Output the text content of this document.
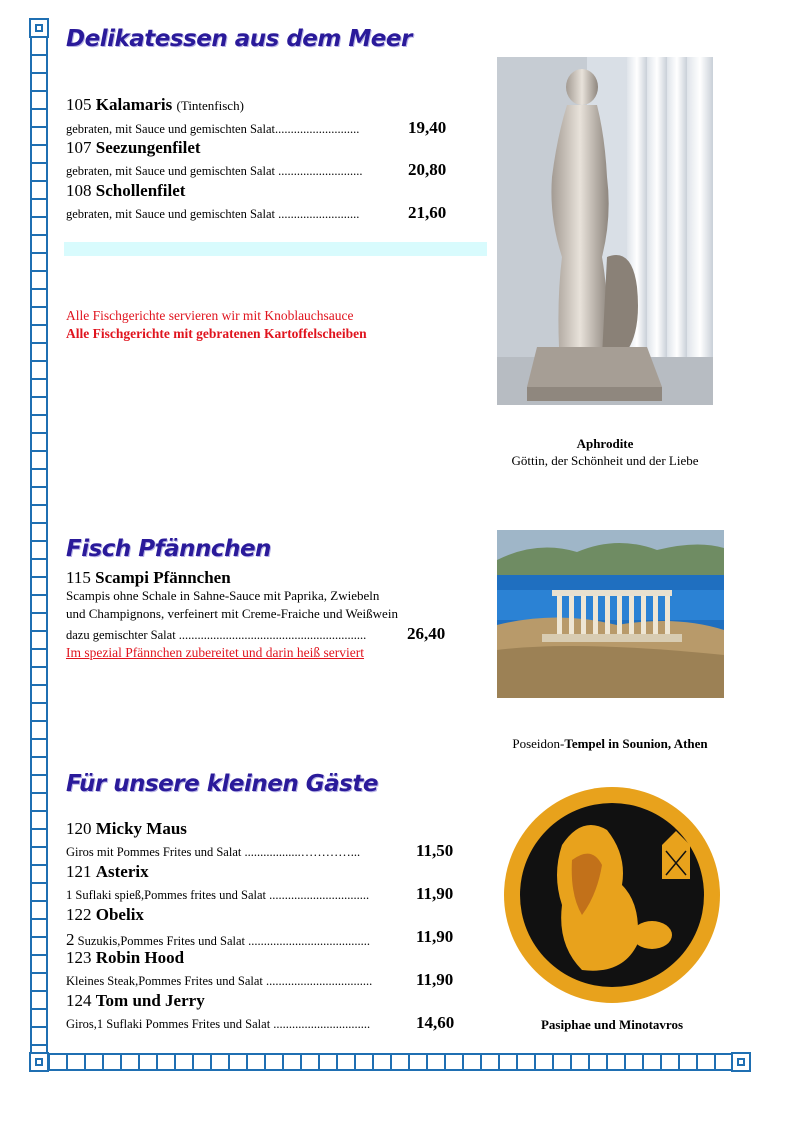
Delikatessen aus dem Meer
105 Kalamaris (Tintenfisch)
gebraten, mit Sauce und gemischten Salat...........................	19,40
107 Seezungenfilet
gebraten, mit Sauce und gemischten Salat ...........................	20,80
108 Schollenfilet
gebraten, mit Sauce und gemischten Salat ..........................	21,60
Alle Fischgerichte servieren wir mit Knoblauchsauce
Alle Fischgerichte mit gebratenen Kartoffelscheiben
Aphrodite
Göttin, der Schönheit und der Liebe
Fisch Pfännchen
115 Scampi Pfännchen
Scampis ohne Schale in Sahne-Sauce mit Paprika, Zwiebeln
und Champignons, verfeinert mit Creme-Fraiche und Weißwein
dazu gemischter Salat ............................................................ 26,40
Im spezial Pfännchen zubereitet und darin heiß serviert
Poseidon-Tempel in Sounion, Athen
Für unsere kleinen Gäste
120 Micky Maus
Giros mit Pommes Frites und Salat ..................…………...	11,50
121 Asterix
1 Suflaki spieß,Pommes frites und Salat ................................	11,90
122 Obelix
2 Suzukis,Pommes Frites und Salat .......................................	11,90
123 Robin Hood
Kleines Steak,Pommes Frites und Salat ..................................	11,90
124 Tom und Jerry
Giros,1 Suflaki Pommes Frites und Salat ...............................	14,60	Pasiphae und Minotavros
